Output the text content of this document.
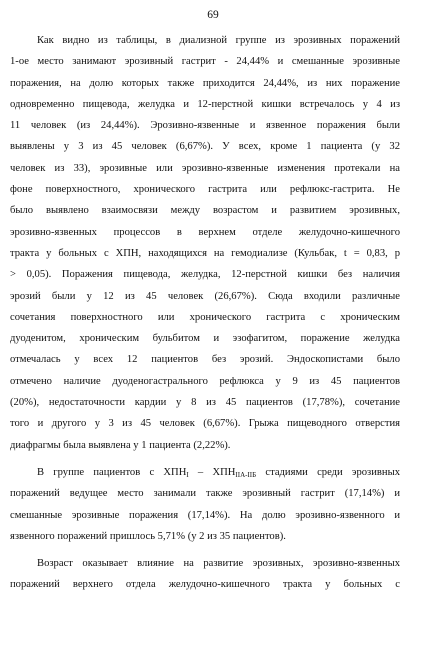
69
Как видно из таблицы, в диализной группе из эрозивных поражений
1-ое место занимают эрозивный гастрит - 24,44% и смешанные эрозивные
поражения, на долю которых также приходится 24,44%, из них поражение
одновременно пищевода, желудка и 12-перстной кишки встречалось у 4 из
11 человек (из 24,44%). Эрозивно-язвенные и язвенное поражения были
выявлены у 3 из 45 человек (6,67%). У всех, кроме 1 пациента (у 32
человек из 33), эрозивные или эрозивно-язвенные изменения протекали на
фоне поверхностного, хронического гастрита или рефлюкс-гастрита. Не
было выявлено взаимосвязи между возрастом и развитием эрозивных,
эрозивно-язвенных процессов в верхнем отделе желудочно-кишечного
тракта у больных с ХПН, находящихся на гемодиализе (Кульбак, t = 0,83, р
> 0,05). Поражения пищевода, желудка, 12-перстной кишки без наличия
эрозий были у 12 из 45 человек (26,67%). Сюда входили различные
сочетания поверхностного или хронического гастрита с хроническим
дуоденитом, хроническим бульбитом и эзофагитом, поражение желудка
отмечалась у всех 12 пациентов без эрозий. Эндоскопистами было
отмечено наличие дуоденогастрального рефлюкса у 9 из 45 пациентов
(20%), недостаточности кардии у 8 из 45 пациентов (17,78%), сочетание
того и другого у 3 из 45 человек (6,67%). Грыжа пищеводного отверстия
диафрагмы была выявлена у 1 пациента (2,22%).
В группе пациентов с $ХПН_I - ХПН_{IIA-IIБ}$ стадиями среди эрозивных
поражений ведущее место занимали также эрозивный гастрит (17,14%) и
смешанные эрозивные поражения (17,14%). На долю эрозивно-язвенного и
язвенного поражений пришлось 5,71% (у 2 из 35 пациентов).
Возраст оказывает влияние на развитие эрозивных, эрозивно-язвенных
поражений верхнего отдела желудочно-кишечного тракта у больных с
